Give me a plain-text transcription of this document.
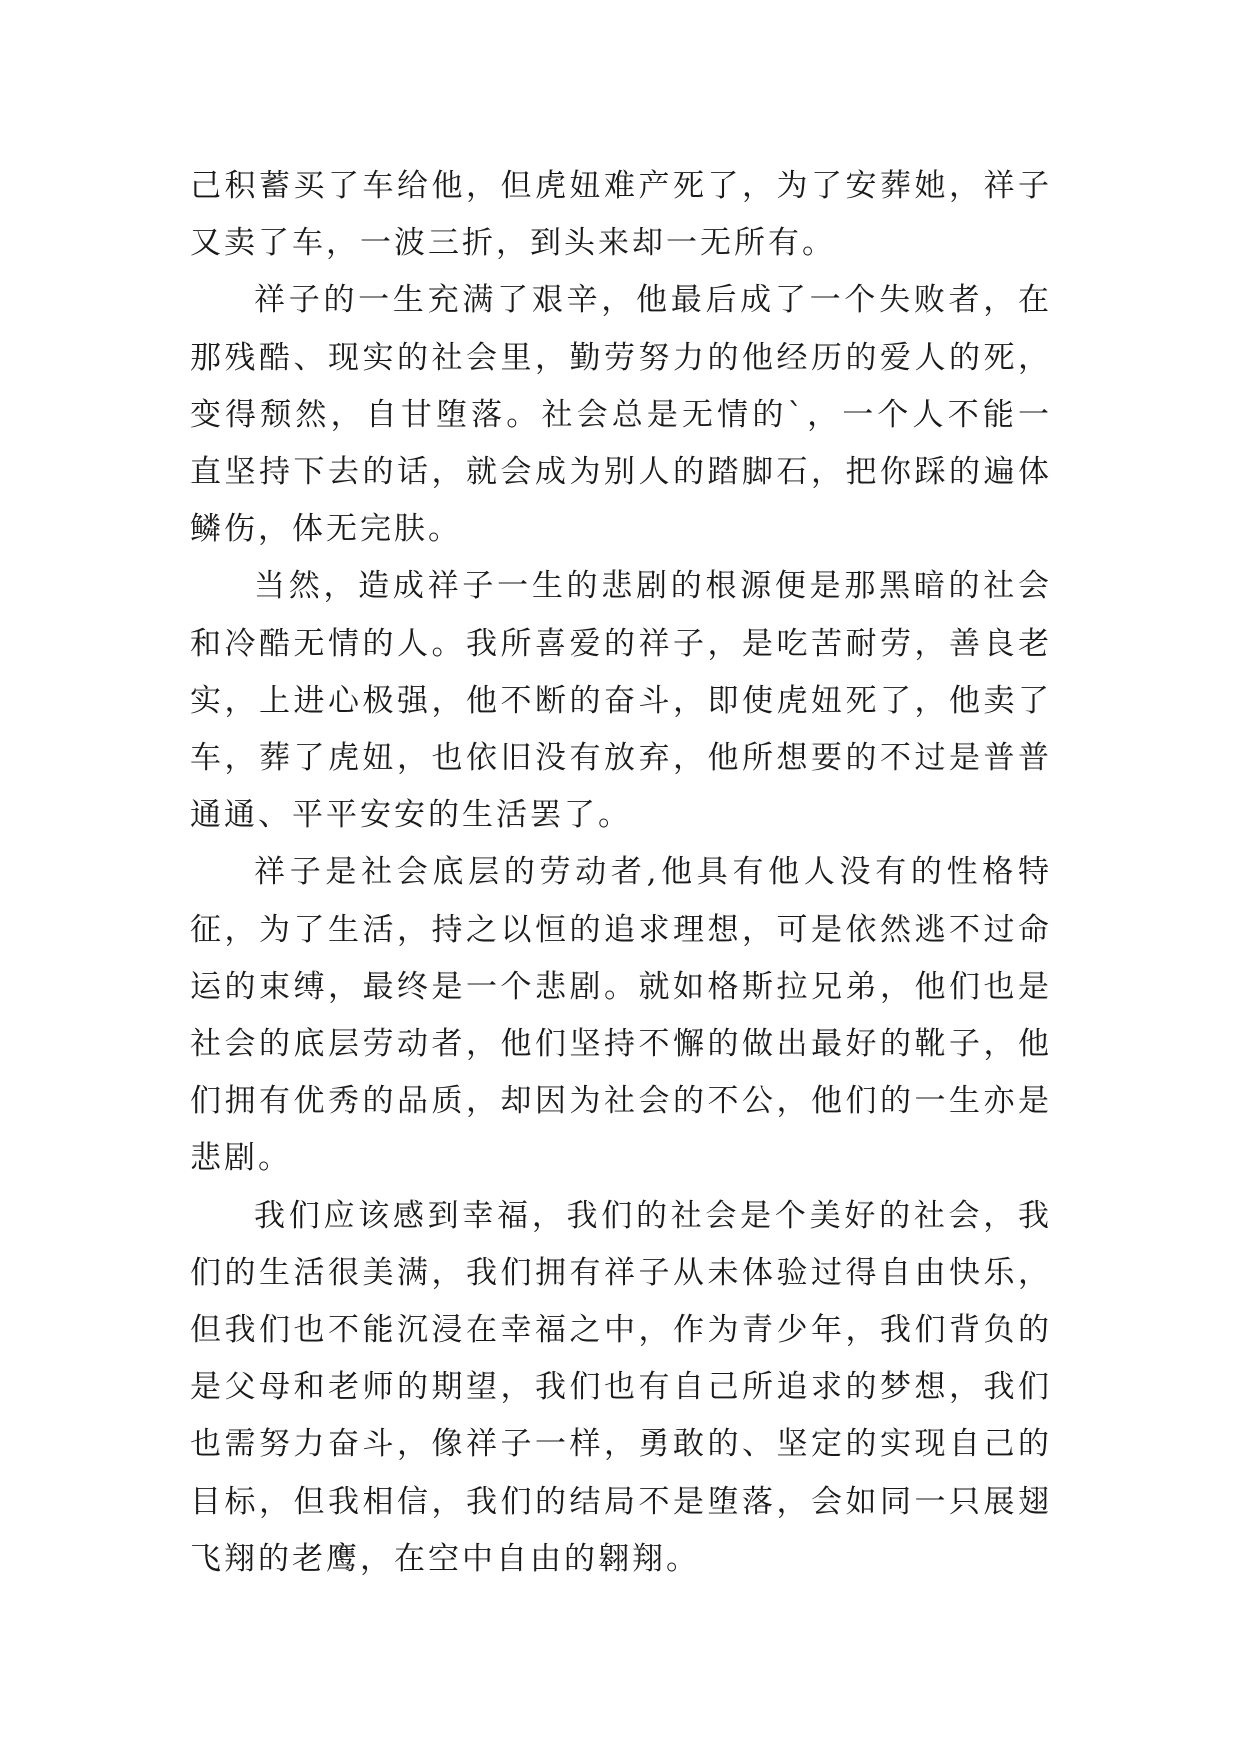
己积蓄买了车给他，但虎妞难产死了，为了安葬她，祥子又卖了车，一波三折，到头来却一无所有。

祥子的一生充满了艰辛，他最后成了一个失败者，在那残酷、现实的社会里，勤劳努力的他经历的爱人的死，变得颓然，自甘堕落。社会总是无情的`，一个人不能一直坚持下去的话，就会成为别人的踏脚石，把你踩的遍体鳞伤，体无完肤。

当然，造成祥子一生的悲剧的根源便是那黑暗的社会和冷酷无情的人。我所喜爱的祥子，是吃苦耐劳，善良老实，上进心极强，他不断的奋斗，即使虎妞死了，他卖了车，葬了虎妞，也依旧没有放弃，他所想要的不过是普普通通、平平安安的生活罢了。

祥子是社会底层的劳动者,他具有他人没有的性格特征，为了生活，持之以恒的追求理想，可是依然逃不过命运的束缚，最终是一个悲剧。就如格斯拉兄弟，他们也是社会的底层劳动者，他们坚持不懈的做出最好的靴子，他们拥有优秀的品质，却因为社会的不公，他们的一生亦是悲剧。

我们应该感到幸福，我们的社会是个美好的社会，我们的生活很美满，我们拥有祥子从未体验过得自由快乐，但我们也不能沉浸在幸福之中，作为青少年，我们背负的是父母和老师的期望，我们也有自己所追求的梦想，我们也需努力奋斗，像祥子一样，勇敢的、坚定的实现自己的目标，但我相信，我们的结局不是堕落，会如同一只展翅飞翔的老鹰，在空中自由的翱翔。
